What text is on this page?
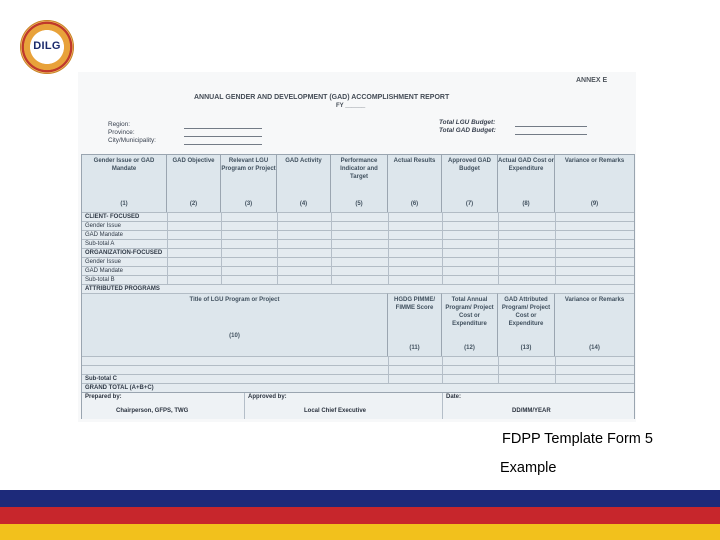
DILG
ANNEX E
ANNUAL GENDER AND DEVELOPMENT (GAD) ACCOMPLISHMENT REPORT
FY ______
Region:
Province:
City/Municipality:
Total LGU Budget:
Total GAD Budget:
Gender Issue or GAD Mandate
(1)
GAD Objective
(2)
Relevant LGU Program or Project
(3)
GAD Activity
(4)
Performance Indicator and Target
(5)
Actual Results
(6)
Approved GAD Budget
(7)
Actual GAD Cost or Expenditure
(8)
Variance or Remarks
(9)
CLIENT- FOCUSED
Gender Issue
GAD Mandate
Sub-total A
ORGANIZATION-FOCUSED
Gender Issue
GAD Mandate
Sub-total B
ATTRIBUTED PROGRAMS
Title of LGU Program or Project
(10)
HGDG PIMME/ FIMME Score
(11)
Total Annual Program/ Project Cost or Expenditure
(12)
GAD Attributed Program/ Project Cost or Expenditure
(13)
Variance or Remarks
(14)
Sub-total C
GRAND TOTAL (A+B+C)
Prepared by:
Chairperson, GFPS, TWG
Approved by:
Local Chief Executive
Date:
DD/MM/YEAR
FDPP Template Form 5
Example
